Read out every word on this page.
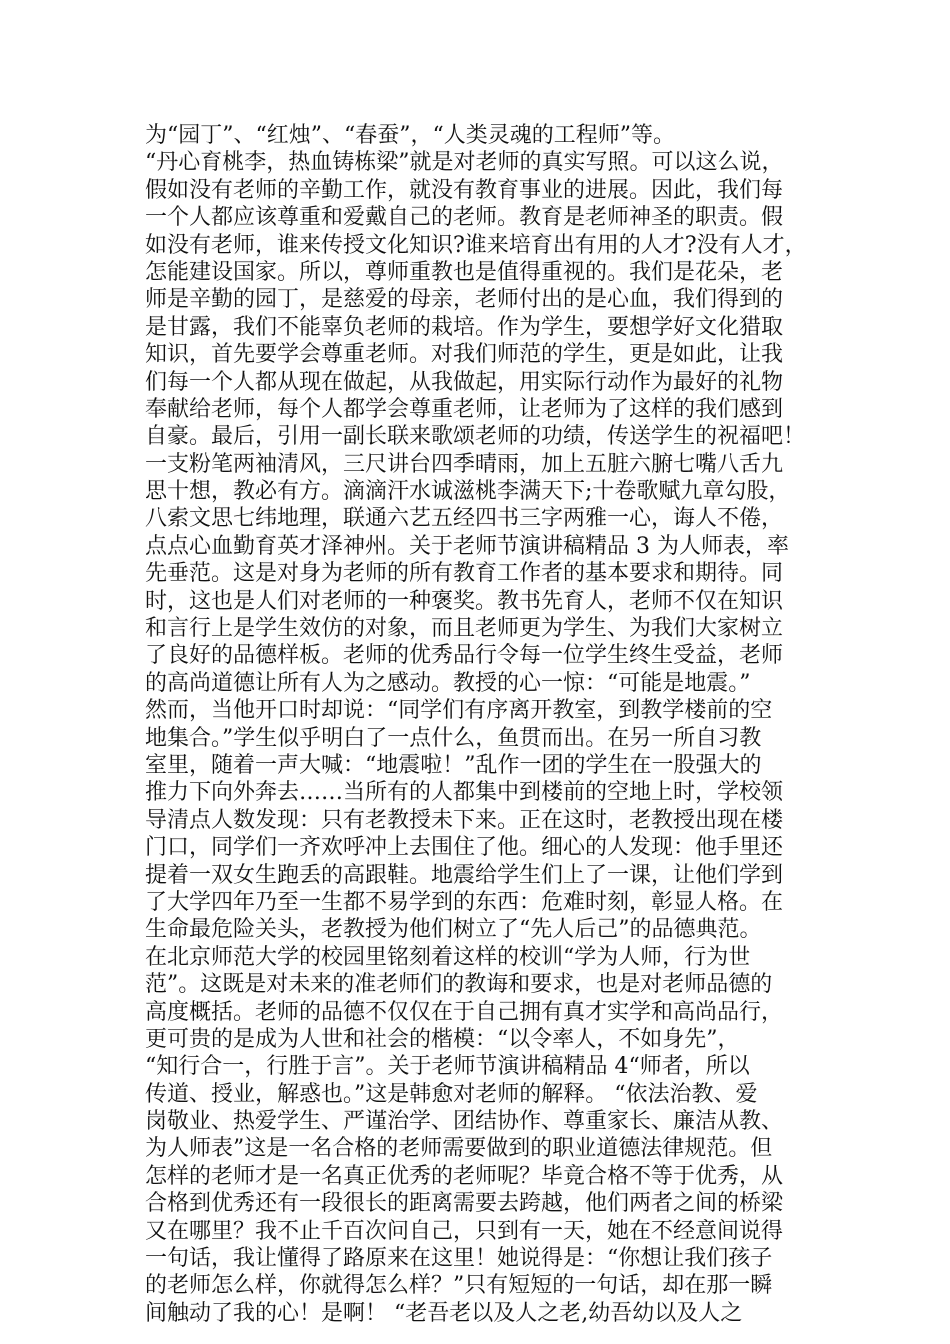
为“园丁”、“红烛”、“春蚕”，“人类灵魂的工程师”等。
“丹心育桃李，热血铸栋梁”就是对老师的真实写照。可以这么说，
假如没有老师的辛勤工作，就没有教育事业的进展。因此，我们每
一个人都应该尊重和爱戴自己的老师。教育是老师神圣的职责。假
如没有老师，谁来传授文化知识?谁来培育出有用的人才?没有人才，
怎能建设国家。所以，尊师重教也是值得重视的。我们是花朵，老
师是辛勤的园丁，是慈爱的母亲，老师付出的是心血，我们得到的
是甘露，我们不能辜负老师的栽培。作为学生，要想学好文化猎取
知识，首先要学会尊重老师。对我们师范的学生，更是如此，让我
们每一个人都从现在做起，从我做起，用实际行动作为最好的礼物
奉献给老师，每个人都学会尊重老师，让老师为了这样的我们感到
自豪。最后，引用一副长联来歌颂老师的功绩，传送学生的祝福吧！
一支粉笔两袖清风，三尺讲台四季晴雨，加上五脏六腑七嘴八舌九
思十想，教必有方。滴滴汗水诚滋桃李满天下;十卷歌赋九章勾股，
八索文思七纬地理，联通六艺五经四书三字两雅一心，诲人不倦，
点点心血勤育英才泽神州。关于老师节演讲稿精品 3 为人师表，率
先垂范。这是对身为老师的所有教育工作者的基本要求和期待。同
时，这也是人们对老师的一种褒奖。教书先育人，老师不仅在知识
和言行上是学生效仿的对象，而且老师更为学生、为我们大家树立
了良好的品德样板。老师的优秀品行令每一位学生终生受益，老师
的高尚道德让所有人为之感动。教授的心一惊：“可能是地震。”
然而，当他开口时却说：“同学们有序离开教室，到教学楼前的空
地集合。”学生似乎明白了一点什么，鱼贯而出。在另一所自习教
室里，随着一声大喊：“地震啦！”乱作一团的学生在一股强大的
推力下向外奔去……当所有的人都集中到楼前的空地上时，学校领
导清点人数发现：只有老教授未下来。正在这时，老教授出现在楼
门口，同学们一齐欢呼冲上去围住了他。细心的人发现：他手里还
提着一双女生跑丢的高跟鞋。地震给学生们上了一课，让他们学到
了大学四年乃至一生都不易学到的东西：危难时刻，彰显人格。在
生命最危险关头，老教授为他们树立了“先人后己”的品德典范。
在北京师范大学的校园里铭刻着这样的校训“学为人师，行为世
范”。这既是对未来的准老师们的教诲和要求，也是对老师品德的
高度概括。老师的品德不仅仅在于自己拥有真才实学和高尚品行，
更可贵的是成为人世和社会的楷模：“以令率人，不如身先”，
“知行合一，行胜于言”。关于老师节演讲稿精品 4“师者，所以
传道、授业，解惑也。”这是韩愈对老师的解释。 “依法治教、爱
岗敬业、热爱学生、严谨治学、团结协作、尊重家长、廉洁从教、
为人师表”这是一名合格的老师需要做到的职业道德法律规范。但
怎样的老师才是一名真正优秀的老师呢？毕竟合格不等于优秀，从
合格到优秀还有一段很长的距离需要去跨越，他们两者之间的桥梁
又在哪里？我不止千百次问自己，只到有一天，她在不经意间说得
一句话，我让懂得了路原来在这里！她说得是：“你想让我们孩子
的老师怎么样，你就得怎么样？”只有短短的一句话，却在那一瞬
间触动了我的心！是啊！ “老吾老以及人之老,幼吾幼以及人之
